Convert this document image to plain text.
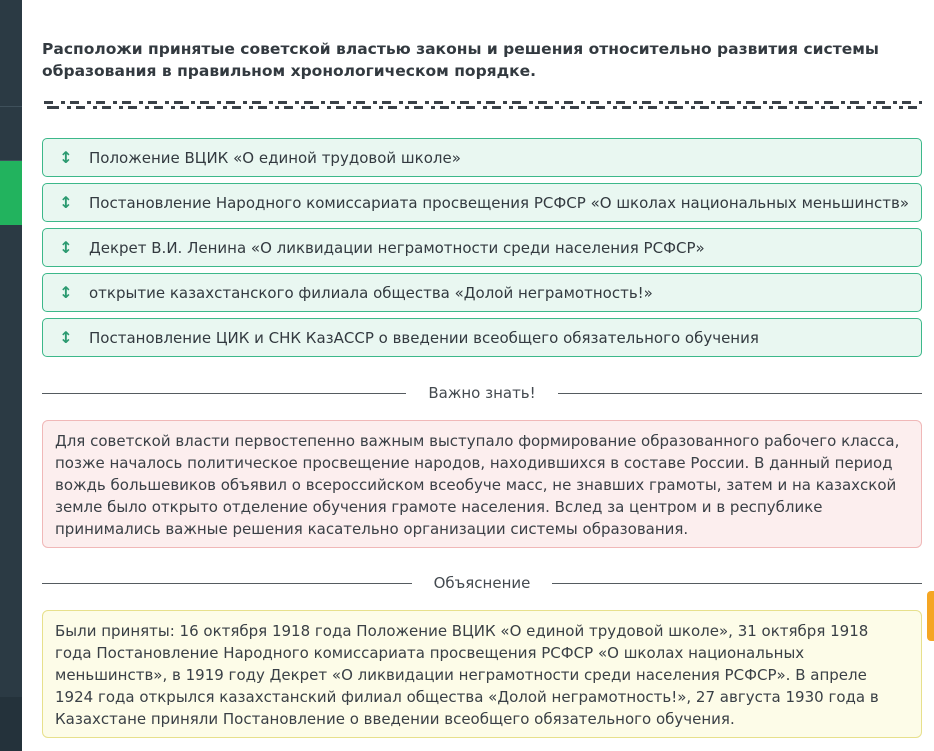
Расположи принятые советской властью законы и решения относительно развития системы образования в правильном хронологическом порядке.
↕	Положение ВЦИК «О единой трудовой школе»
↕	Постановление Народного комиссариата просвещения РСФСР «О школах национальных меньшинств»
↕	Декрет В.И. Ленина «О ликвидации неграмотности среди населения РСФСР»
↕	открытие казахстанского филиала общества «Долой неграмотность!»
↕	Постановление ЦИК и СНК КазАССР о введении всеобщего обязательного обучения
Важно знать!
Для советской власти первостепенно важным выступало формирование образованного рабочего класса, позже началось политическое просвещение народов, находившихся в составе России. В данный период вождь большевиков объявил о всероссийском всеобуче масс, не знавших грамоты, затем и на казахской земле было открыто отделение обучения грамоте населения. Вслед за центром и в республике принимались важные решения касательно организации системы образования.
Объяснение
Были приняты: 16 октября 1918 года Положение ВЦИК «О единой трудовой школе», 31 октября 1918 года Постановление Народного комиссариата просвещения РСФСР «О школах национальных меньшинств», в 1919 году Декрет «О ликвидации неграмотности среди населения РСФСР». В апреле 1924 года открылся казахстанский филиал общества «Долой неграмотность!», 27 августа 1930 года в Казахстане приняли Постановление о введении всеобщего обязательного обучения.
